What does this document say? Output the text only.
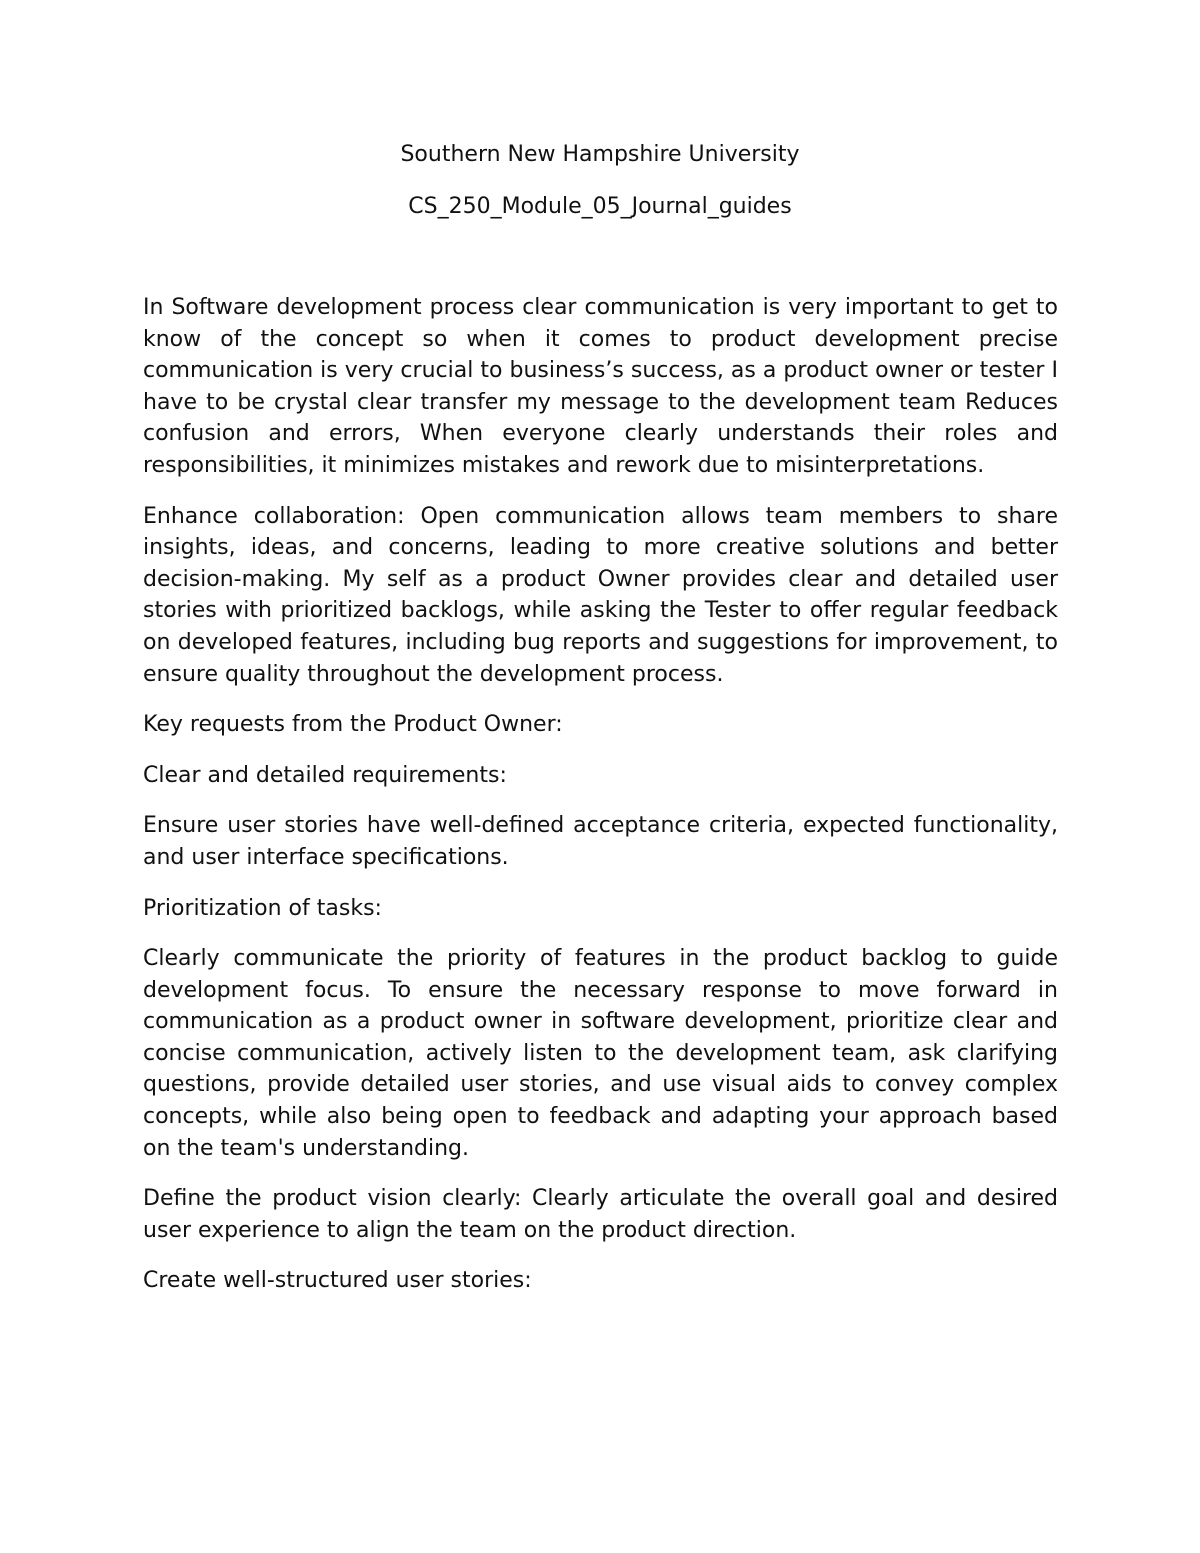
Southern New Hampshire University

CS_250_Module_05_Journal_guides

In Software development process clear communication is very important to get to know of the concept so when it comes to product development precise communication is very crucial to business’s success, as a product owner or tester I have to be crystal clear transfer my message to the development team Reduces confusion and errors, When everyone clearly understands their roles and responsibilities, it minimizes mistakes and rework due to misinterpretations.

Enhance collaboration: Open communication allows team members to share insights, ideas, and concerns, leading to more creative solutions and better decision-making. My self as a product Owner provides clear and detailed user stories with prioritized backlogs, while asking the Tester to offer regular feedback on developed features, including bug reports and suggestions for improvement, to ensure quality throughout the development process.

Key requests from the Product Owner:

Clear and detailed requirements:

Ensure user stories have well-defined acceptance criteria, expected functionality, and user interface specifications.

Prioritization of tasks:

Clearly communicate the priority of features in the product backlog to guide development focus. To ensure the necessary response to move forward in communication as a product owner in software development, prioritize clear and concise communication, actively listen to the development team, ask clarifying questions, provide detailed user stories, and use visual aids to convey complex concepts, while also being open to feedback and adapting your approach based on the team's understanding.

Define the product vision clearly: Clearly articulate the overall goal and desired user experience to align the team on the product direction.

Create well-structured user stories:
